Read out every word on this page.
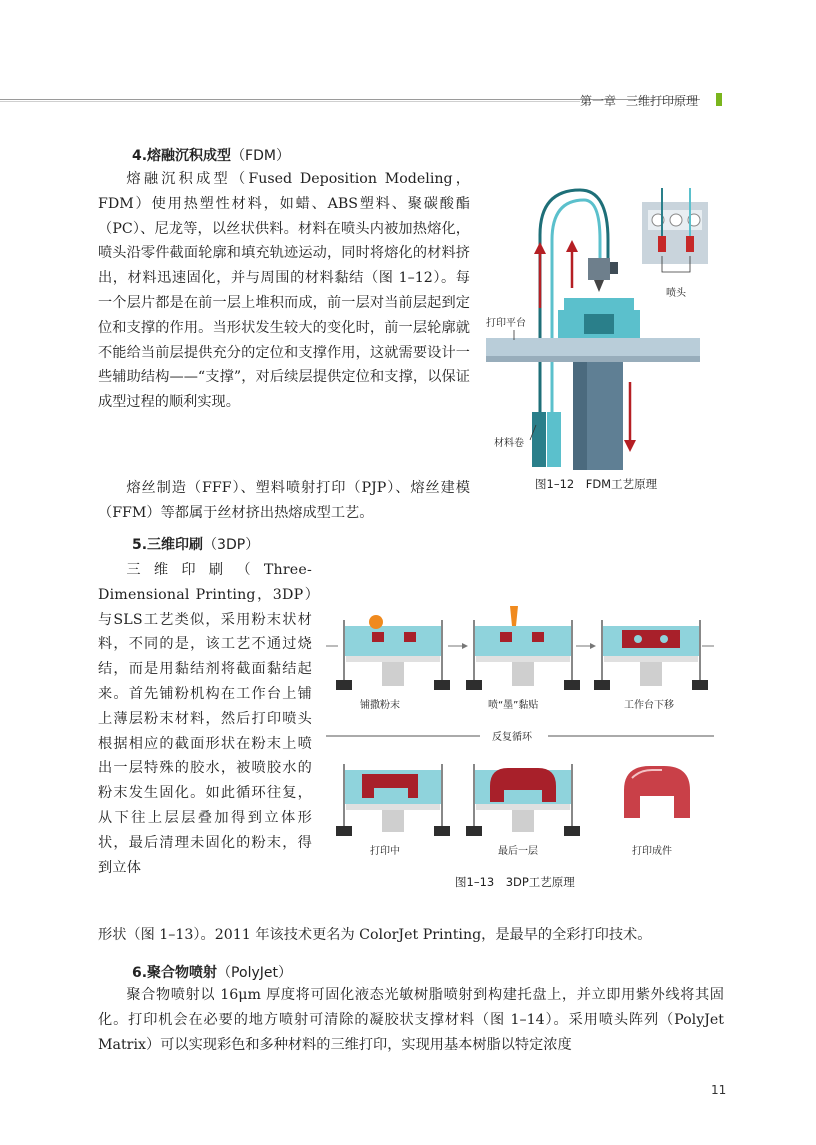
第一章 三维打印原理
4.熔融沉积成型（FDM）
熔融沉积成型（Fused Deposition Modeling，FDM）使用热塑性材料，如蜡、ABS塑料、聚碳酸酯（PC）、尼龙等，以丝状供料。材料在喷头内被加热熔化，喷头沿零件截面轮廓和填充轨迹运动，同时将熔化的材料挤出，材料迅速固化，并与周围的材料黏结（图 1–12）。每一个层片都是在前一层上堆积而成，前一层对当前层起到定位和支撑的作用。当形状发生较大的变化时，前一层轮廓就不能给当前层提供充分的定位和支撑作用，这就需要设计一些辅助结构——“支撑”，对后续层提供定位和支撑，以保证成型过程的顺利实现。
熔丝制造（FFF）、塑料喷射打印（PJP）、熔丝建模（FFM）等都属于丝材挤出热熔成型工艺。
打印平台
材料卷
喷头
图1–12　FDM工艺原理
5.三维印刷（3DP）
三维印刷（Three-Dimensional Printing，3DP）与SLS工艺类似，采用粉末状材料，不同的是，该工艺不通过烧结，而是用黏结剂将截面黏结起来。首先铺粉机构在工作台上铺上薄层粉末材料，然后打印喷头根据相应的截面形状在粉末上喷出一层特殊的胶水，被喷胶水的粉末发生固化。如此循环往复，从下往上层层叠加得到立体形状，最后清理未固化的粉末，得到立体
形状（图 1–13）。2011 年该技术更名为 ColorJet Printing，是最早的全彩打印技术。
铺撒粉末	喷“墨”黏贴	工作台下移
反复循环
打印中	最后一层	打印成件
图1–13　3DP工艺原理
6.聚合物喷射（PolyJet）
聚合物喷射以 16μm 厚度将可固化液态光敏树脂喷射到构建托盘上，并立即用紫外线将其固化。打印机会在必要的地方喷射可清除的凝胶状支撑材料（图 1–14）。采用喷头阵列（PolyJet Matrix）可以实现彩色和多种材料的三维打印，实现用基本树脂以特定浓度
11
